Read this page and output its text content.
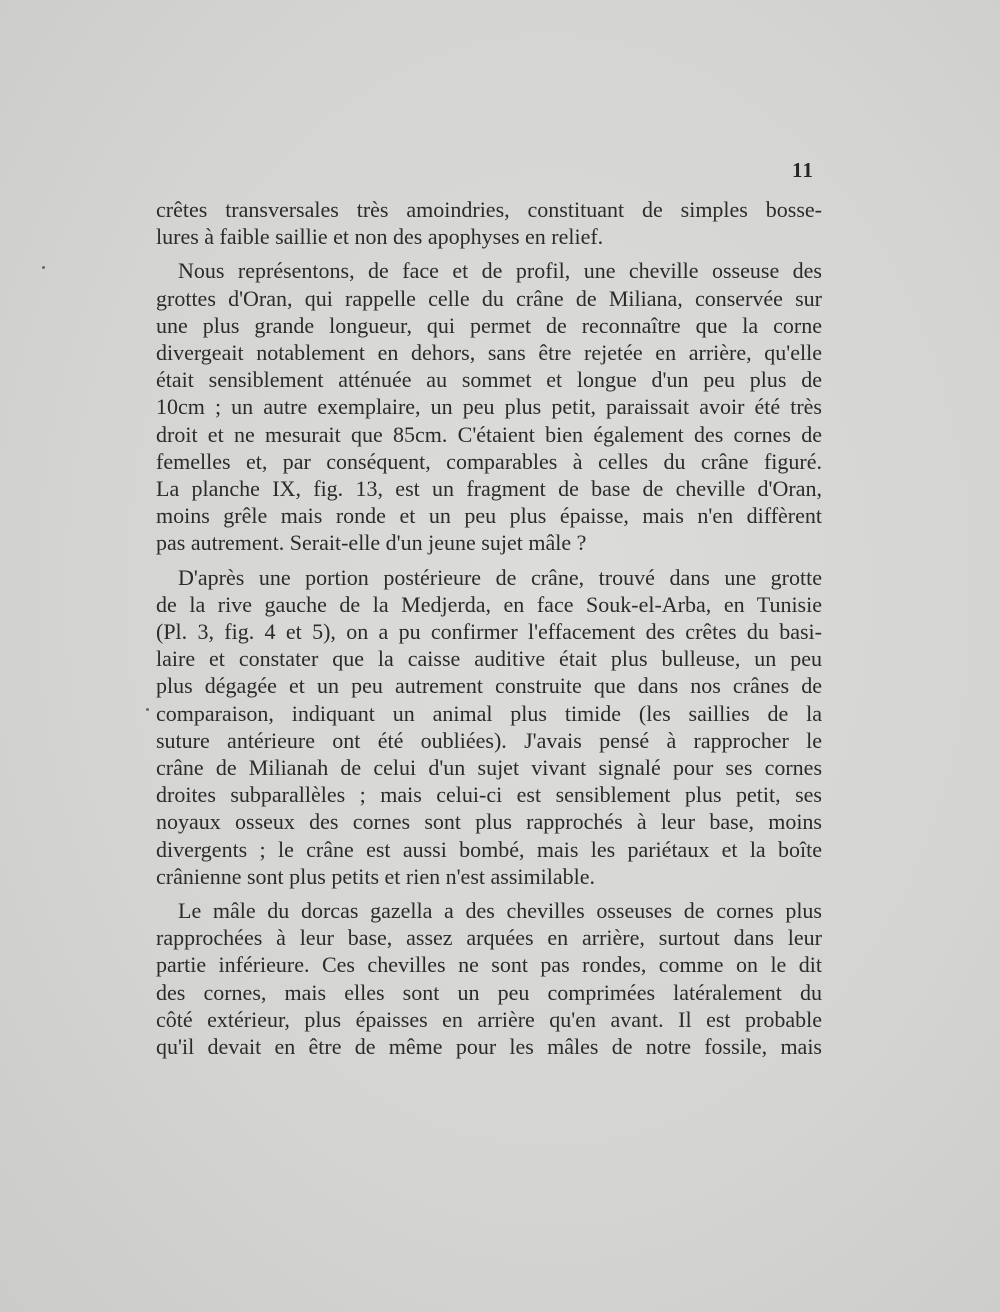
11
crêtes transversales très amoindries, constituant de simples bosse-
lures à faible saillie et non des apophyses en relief.
Nous représentons, de face et de profil, une cheville osseuse des
grottes d'Oran, qui rappelle celle du crâne de Miliana, conservée sur
une plus grande longueur, qui permet de reconnaître que la corne
divergeait notablement en dehors, sans être rejetée en arrière, qu'elle
était sensiblement atténuée au sommet et longue d'un peu plus de
10cm ; un autre exemplaire, un peu plus petit, paraissait avoir été très
droit et ne mesurait que 85cm. C'étaient bien également des cornes de
femelles et, par conséquent, comparables à celles du crâne figuré.
La planche IX, fig. 13, est un fragment de base de cheville d'Oran,
moins grêle mais ronde et un peu plus épaisse, mais n'en diffèrent
pas autrement. Serait-elle d'un jeune sujet mâle ?
D'après une portion postérieure de crâne, trouvé dans une grotte
de la rive gauche de la Medjerda, en face Souk-el-Arba, en Tunisie
(Pl. 3, fig. 4 et 5), on a pu confirmer l'effacement des crêtes du basi-
laire et constater que la caisse auditive était plus bulleuse, un peu
plus dégagée et un peu autrement construite que dans nos crânes de
comparaison, indiquant un animal plus timide (les saillies de la
suture antérieure ont été oubliées). J'avais pensé à rapprocher le
crâne de Milianah de celui d'un sujet vivant signalé pour ses cornes
droites subparallèles ; mais celui-ci est sensiblement plus petit, ses
noyaux osseux des cornes sont plus rapprochés à leur base, moins
divergents ; le crâne est aussi bombé, mais les pariétaux et la boîte
crânienne sont plus petits et rien n'est assimilable.
Le mâle du dorcas gazella a des chevilles osseuses de cornes plus
rapprochées à leur base, assez arquées en arrière, surtout dans leur
partie inférieure. Ces chevilles ne sont pas rondes, comme on le dit
des cornes, mais elles sont un peu comprimées latéralement du
côté extérieur, plus épaisses en arrière qu'en avant. Il est probable
qu'il devait en être de même pour les mâles de notre fossile, mais
